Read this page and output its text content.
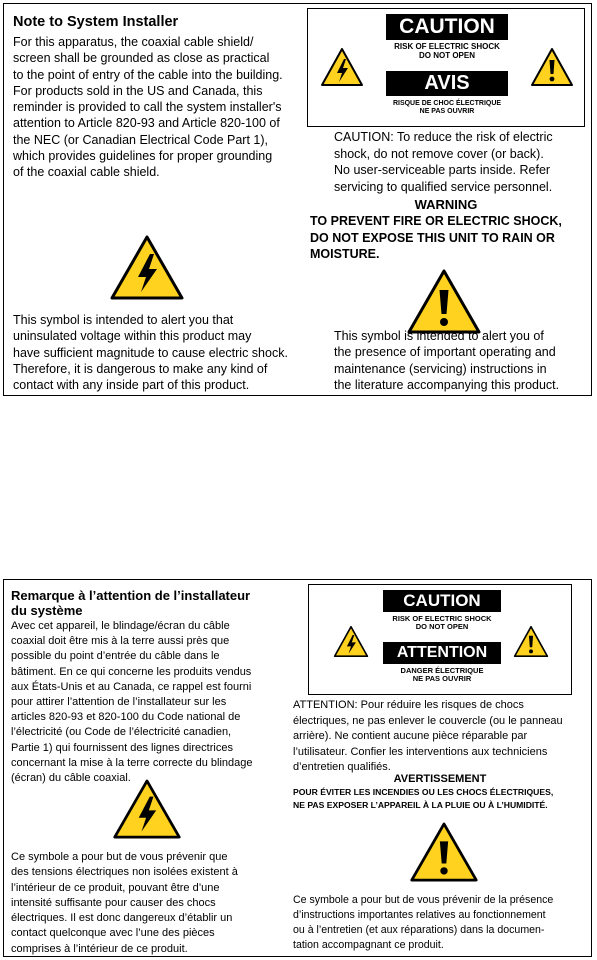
Note to System Installer
For this apparatus, the coaxial cable shield/
screen shall be grounded as close as practical
to the point of entry of the cable into the building.
For products sold in the US and Canada, this
reminder is provided to call the system installer's
attention to Article 820-93 and Article 820-100 of
the NEC (or Canadian Electrical Code Part 1),
which provides guidelines for proper grounding
of the coaxial cable shield.
CAUTION
RISK OF ELECTRIC SHOCK
DO NOT OPEN
AVIS
RISQUE DE CHOC ÉLECTRIQUE
NE PAS OUVRIR
CAUTION: To reduce the risk of electric
shock, do not remove cover (or back).
No user-serviceable parts inside. Refer
servicing to qualified service personnel.
WARNING
TO PREVENT FIRE OR ELECTRIC SHOCK,
DO NOT EXPOSE THIS UNIT TO RAIN OR
MOISTURE.
This symbol is intended to alert you that
uninsulated voltage within this product may
have sufficient magnitude to cause electric shock.
Therefore, it is dangerous to make any kind of
contact with any inside part of this product.
This symbol is intended to alert you of
the presence of important operating and
maintenance (servicing) instructions in
the literature accompanying this product.
Remarque à l’attention de l’installateur
du système
Avec cet appareil, le blindage/écran du câble
coaxial doit être mis à la terre aussi près que
possible du point d’entrée du câble dans le
bâtiment. En ce qui concerne les produits vendus
aux États-Unis et au Canada, ce rappel est fourni
pour attirer l’attention de l’installateur sur les
articles 820-93 et 820-100 du Code national de
l’électricité (ou Code de l’électricité canadien,
Partie 1) qui fournissent des lignes directrices
concernant la mise à la terre correcte du blindage
(écran) du câble coaxial.
CAUTION
RISK OF ELECTRIC SHOCK
DO NOT OPEN
ATTENTION
DANGER ÉLECTRIQUE
NE PAS OUVRIR
ATTENTION: Pour réduire les risques de chocs
électriques, ne pas enlever le couvercle (ou le panneau
arrière). Ne contient aucune pièce réparable par
l’utilisateur. Confier les interventions aux techniciens
d’entretien qualifiés.
AVERTISSEMENT
POUR ÉVITER LES INCENDIES OU LES CHOCS ÉLECTRIQUES,
NE PAS EXPOSER L’APPAREIL À LA PLUIE OU À L’HUMIDITÉ.
Ce symbole a pour but de vous prévenir que
des tensions électriques non isolées existent à
l’intérieur de ce produit, pouvant être d’une
intensité suffisante pour causer des chocs
électriques. Il est donc dangereux d’établir un
contact quelconque avec l’une des pièces
comprises à l’intérieur de ce produit.
Ce symbole a pour but de vous prévenir de la présence
d’instructions importantes relatives au fonctionnement
ou à l’entretien (et aux réparations) dans la documen-
tation accompagnant ce produit.
